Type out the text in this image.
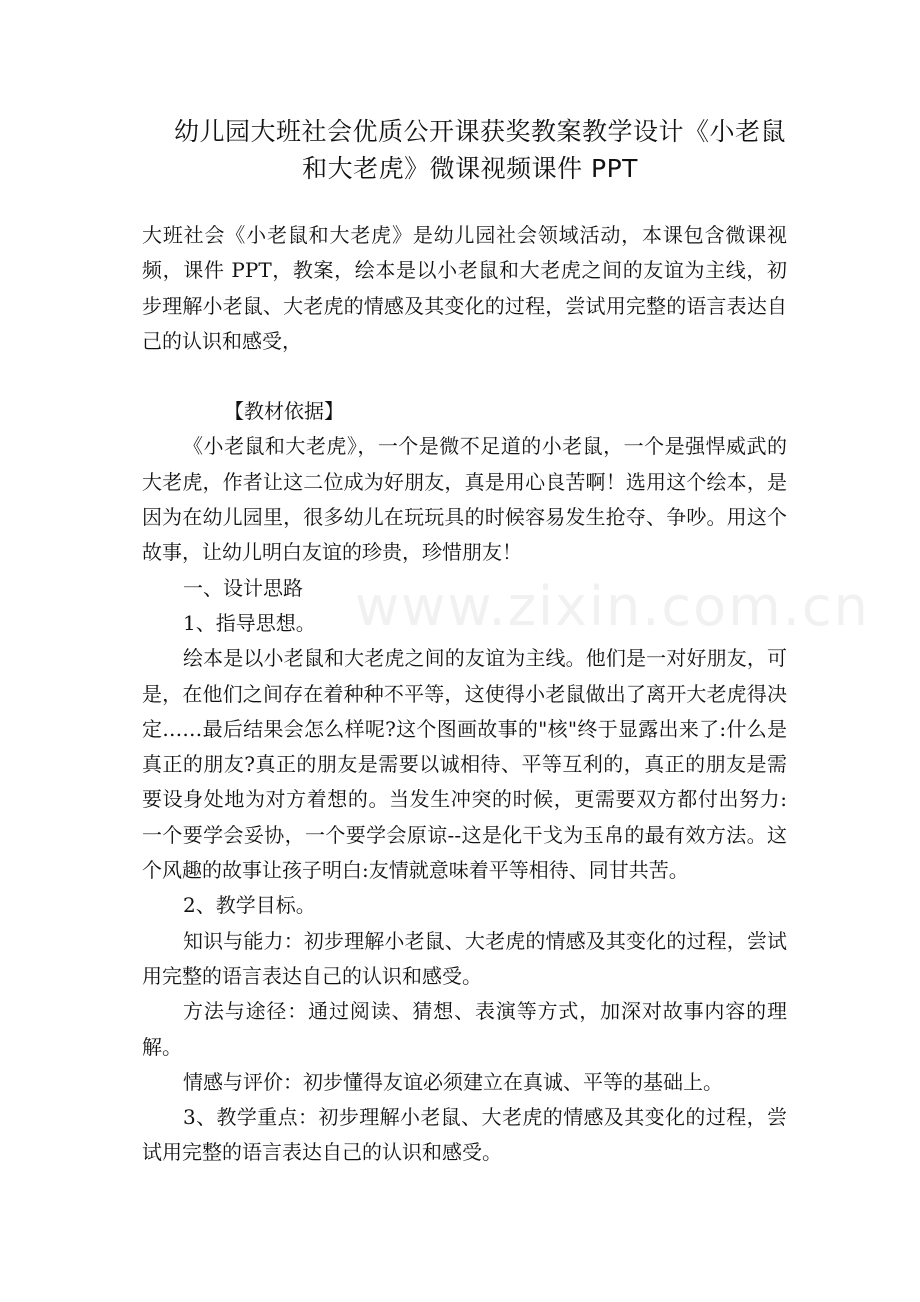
幼儿园大班社会优质公开课获奖教案教学设计《小老鼠
和大老虎》微课视频课件 PPT
www.zixin.com.cn

大班社会《小老鼠和大老虎》是幼儿园社会领域活动，本课包含微课视频，课件 PPT，教案，绘本是以小老鼠和大老虎之间的友谊为主线，初步理解小老鼠、大老虎的情感及其变化的过程，尝试用完整的语言表达自己的认识和感受，

【教材依据】

《小老鼠和大老虎》，一个是微不足道的小老鼠，一个是强悍威武的大老虎，作者让这二位成为好朋友，真是用心良苦啊！选用这个绘本，是因为在幼儿园里，很多幼儿在玩玩具的时候容易发生抢夺、争吵。用这个故事，让幼儿明白友谊的珍贵，珍惜朋友！

一、设计思路

1、指导思想。

绘本是以小老鼠和大老虎之间的友谊为主线。他们是一对好朋友，可是，在他们之间存在着种种不平等，这使得小老鼠做出了离开大老虎得决定……最后结果会怎么样呢?这个图画故事的"核"终于显露出来了:什么是真正的朋友?真正的朋友是需要以诚相待、平等互利的，真正的朋友是需要设身处地为对方着想的。当发生冲突的时候，更需要双方都付出努力:一个要学会妥协，一个要学会原谅--这是化干戈为玉帛的最有效方法。这个风趣的故事让孩子明白:友情就意味着平等相待、同甘共苦。

2、教学目标。

知识与能力：初步理解小老鼠、大老虎的情感及其变化的过程，尝试用完整的语言表达自己的认识和感受。

方法与途径：通过阅读、猜想、表演等方式，加深对故事内容的理解。

情感与评价：初步懂得友谊必须建立在真诚、平等的基础上。

3、教学重点：初步理解小老鼠、大老虎的情感及其变化的过程，尝试用完整的语言表达自己的认识和感受。
